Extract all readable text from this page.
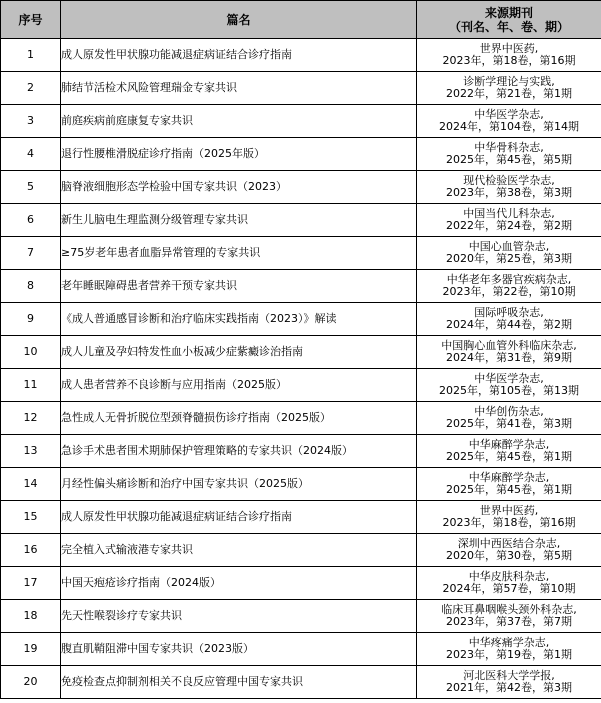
序号	篇名	来源期刊
（刊名、年、卷、期）

1	成人原发性甲状腺功能减退症病证结合诊疗指南	世界中医药,
2023年，第18卷，第16期

2	肺结节活检术风险管理瑞金专家共识	诊断学理论与实践,
2022年，第21卷，第1期

3	前庭疾病前庭康复专家共识	中华医学杂志,
2024年，第104卷，第14期

4	退行性腰椎滑脱症诊疗指南（2025年版）	中华骨科杂志,
2025年，第45卷，第5期

5	脑脊液细胞形态学检验中国专家共识（2023）	现代检验医学杂志,
2023年，第38卷，第3期

6	新生儿脑电生理监测分级管理专家共识	中国当代儿科杂志,
2022年，第24卷，第2期

7	≥75岁老年患者血脂异常管理的专家共识	中国心血管杂志,
2020年，第25卷，第3期

8	老年睡眠障碍患者营养干预专家共识	中华老年多器官疾病杂志,
2023年，第22卷，第10期

9	《成人普通感冒诊断和治疗临床实践指南（2023）》解读	国际呼吸杂志,
2024年，第44卷，第2期

10	成人儿童及孕妇特发性血小板减少症紫癜诊治指南	中国胸心血管外科临床杂志,
2024年，第31卷，第9期

11	成人患者营养不良诊断与应用指南（2025版）	中华医学杂志,
2025年，第105卷，第13期

12	急性成人无骨折脱位型颈脊髓损伤诊疗指南（2025版）	中华创伤杂志,
2025年，第41卷，第3期

13	急诊手术患者围术期肺保护管理策略的专家共识（2024版）	中华麻醉学杂志,
2025年，第45卷，第1期

14	月经性偏头痛诊断和治疗中国专家共识（2025版）	中华麻醉学杂志,
2025年，第45卷，第1期

15	成人原发性甲状腺功能减退症病证结合诊疗指南	世界中医药,
2023年，第18卷，第16期

16	完全植入式输液港专家共识	深圳中西医结合杂志,
2020年，第30卷，第5期

17	中国天疱疮诊疗指南（2024版）	中华皮肤科杂志,
2024年，第57卷，第10期

18	先天性喉裂诊疗专家共识	临床耳鼻咽喉头颈外科杂志,
2023年，第37卷，第7期

19	腹直肌鞘阻滞中国专家共识（2023版）	中华疼痛学杂志,
2023年，第19卷，第1期

20	免疫检查点抑制剂相关不良反应管理中国专家共识	河北医科大学学报,
2021年，第42卷，第3期
